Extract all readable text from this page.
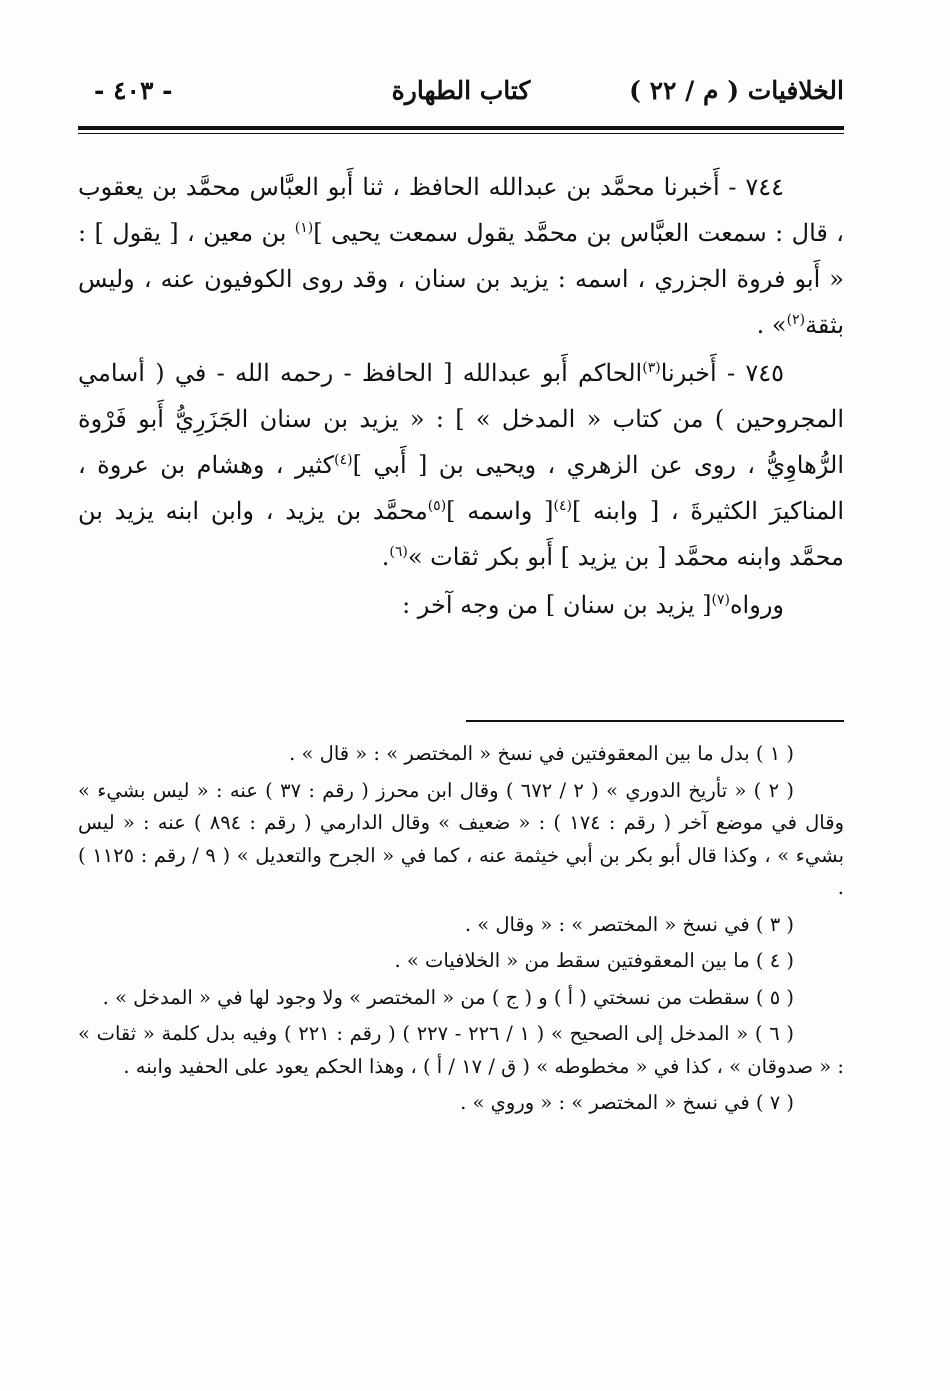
الخلافيات ( م / ٢٢ )
كتاب الطهارة
- ٤٠٣ -

٧٤٤ - أَخبرنا محمَّد بن عبدالله الحافظ ، ثنا أَبو العبَّاس محمَّد بن يعقوب ، قال : سمعت العبَّاس بن محمَّد يقول سمعت يحيى ]$^{(١)}$ بن معين ، [ يقول ] : « أَبو فروة الجزري ، اسمه : يزيد بن سنان ، وقد روى الكوفيون عنه ، وليس بثقة$^{(٢)}$» .

٧٤٥ - أَخبرنا$^{(٣)}$الحاكم أَبو عبدالله [ الحافظ - رحمه الله - في ( أسامي المجروحين ) من كتاب « المدخل » ] : « يزيد بن سنان الجَزَرِيُّ أَبو فَرْوة الرُّهاوِيُّ ، روى عن الزهري ، ويحيى بن [ أَبي ]$^{(٤)}$كثير ، وهشام بن عروة ، المناكيرَ الكثيرةَ ، [ وابنه ]$^{(٤)}$[ واسمه ]$^{(٥)}$محمَّد بن يزيد ، وابن ابنه يزيد بن محمَّد وابنه محمَّد [ بن يزيد ] أَبو بكر ثقات »$^{(٦)}$.

ورواه$^{(٧)}$[ يزيد بن سنان ] من وجه آخر :

( ١ ) بدل ما بين المعقوفتين في نسخ « المختصر » : « قال » .

( ٢ ) « تأريخ الدوري » ( ٢ / ٦٧٢ ) وقال ابن محرز ( رقم : ٣٧ ) عنه : « ليس بشيء » وقال في موضع آخر ( رقم : ١٧٤ ) : « ضعيف » وقال الدارمي ( رقم : ٨٩٤ ) عنه : « ليس بشيء » ، وكذا قال أبو بكر بن أبي خيثمة عنه ، كما في « الجرح والتعديل » ( ٩ / رقم : ١١٢٥ ) .

( ٣ ) في نسخ « المختصر » : « وقال » .

( ٤ ) ما بين المعقوفتين سقط من « الخلافيات » .

( ٥ ) سقطت من نسختي ( أ ) و ( ج ) من « المختصر » ولا وجود لها في « المدخل » .

( ٦ ) « المدخل إلى الصحيح » ( ١ / ٢٢٦ - ٢٢٧ ) ( رقم : ٢٢١ ) وفيه بدل كلمة « ثقات » : « صدوقان » ، كذا في « مخطوطه » ( ق / ١٧ / أ ) ، وهذا الحكم يعود على الحفيد وابنه .

( ٧ ) في نسخ « المختصر » : « وروي » .
